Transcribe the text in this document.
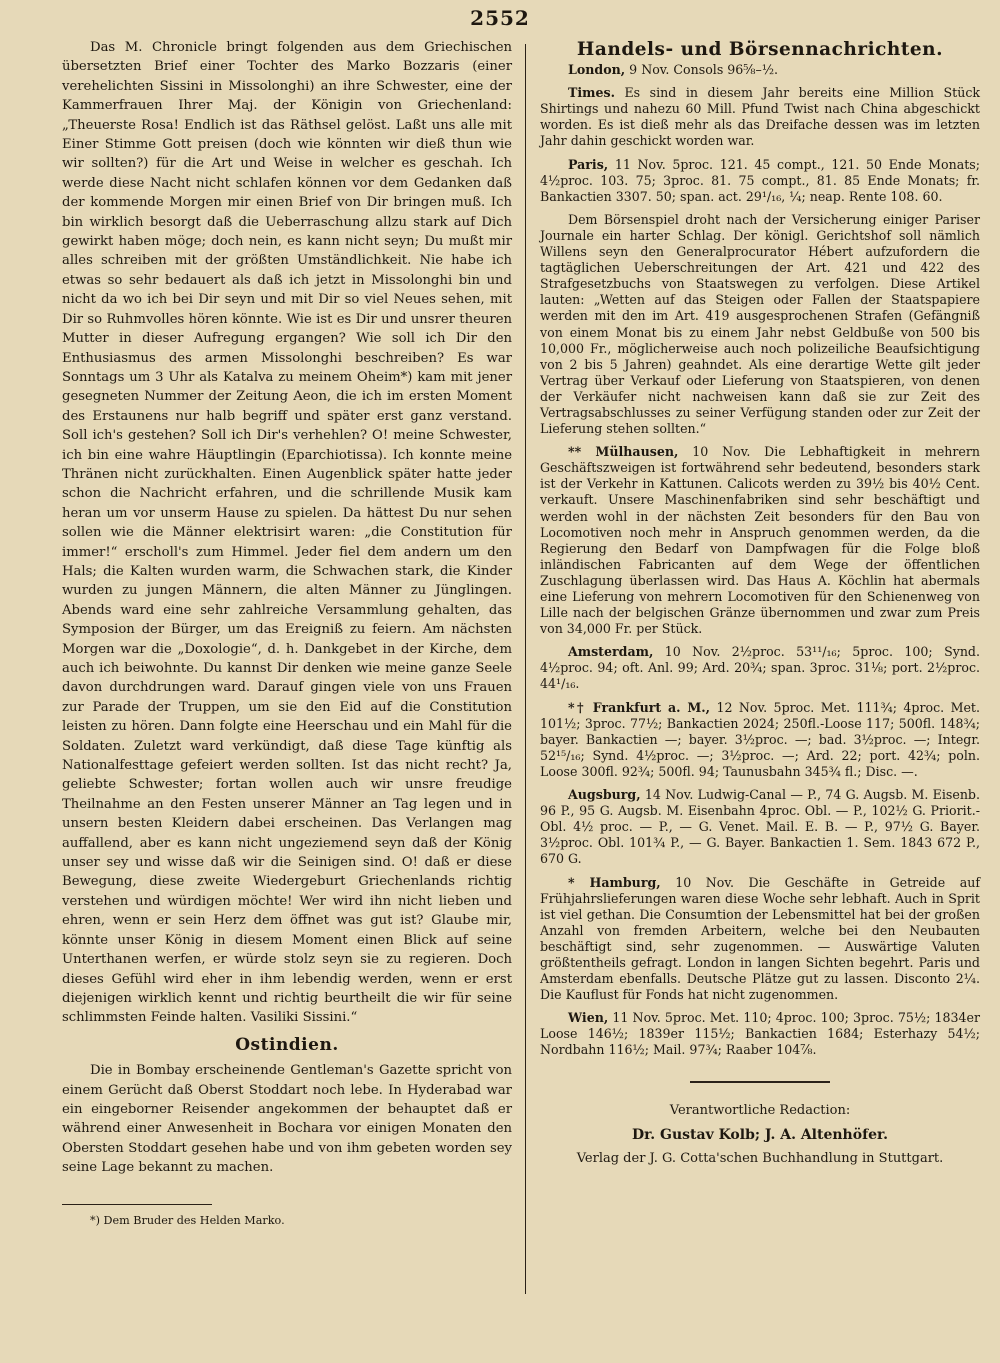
2552

Das M. Chronicle bringt folgenden aus dem Griechischen übersetzten Brief einer Tochter des Marko Bozzaris (einer verehelichten Sissini in Missolonghi) an ihre Schwester, eine der Kammerfrauen Ihrer Maj. der Königin von Griechenland: „Theuerste Rosa! Endlich ist das Räthsel gelöst. Laßt uns alle mit Einer Stimme Gott preisen (doch wie könnten wir dieß thun wie wir sollten?) für die Art und Weise in welcher es geschah. Ich werde diese Nacht nicht schlafen können vor dem Gedanken daß der kommende Morgen mir einen Brief von Dir bringen muß. Ich bin wirklich besorgt daß die Ueberraschung allzu stark auf Dich gewirkt haben möge; doch nein, es kann nicht seyn; Du mußt mir alles schreiben mit der größten Umständlichkeit. Nie habe ich etwas so sehr bedauert als daß ich jetzt in Missolonghi bin und nicht da wo ich bei Dir seyn und mit Dir so viel Neues sehen, mit Dir so Ruhmvolles hören könnte. Wie ist es Dir und unsrer theuren Mutter in dieser Aufregung ergangen? Wie soll ich Dir den Enthusiasmus des armen Missolonghi beschreiben? Es war Sonntags um 3 Uhr als Katalva zu meinem Oheim*) kam mit jener gesegneten Nummer der Zeitung Aeon, die ich im ersten Moment des Erstaunens nur halb begriff und später erst ganz verstand. Soll ich's gestehen? Soll ich Dir's verhehlen? O! meine Schwester, ich bin eine wahre Häuptlingin (Eparchiotissa). Ich konnte meine Thränen nicht zurückhalten. Einen Augenblick später hatte jeder schon die Nachricht erfahren, und die schrillende Musik kam heran um vor unserm Hause zu spielen. Da hättest Du nur sehen sollen wie die Männer elektrisirt waren: „die Constitution für immer!“ erscholl's zum Himmel. Jeder fiel dem andern um den Hals; die Kalten wurden warm, die Schwachen stark, die Kinder wurden zu jungen Männern, die alten Männer zu Jünglingen. Abends ward eine sehr zahlreiche Versammlung gehalten, das Symposion der Bürger, um das Ereigniß zu feiern. Am nächsten Morgen war die „Doxologie“, d. h. Dankgebet in der Kirche, dem auch ich beiwohnte. Du kannst Dir denken wie meine ganze Seele davon durchdrungen ward. Darauf gingen viele von uns Frauen zur Parade der Truppen, um sie den Eid auf die Constitution leisten zu hören. Dann folgte eine Heerschau und ein Mahl für die Soldaten. Zuletzt ward verkündigt, daß diese Tage künftig als Nationalfesttage gefeiert werden sollten. Ist das nicht recht? Ja, geliebte Schwester; fortan wollen auch wir unsre freudige Theilnahme an den Festen unserer Männer an Tag legen und in unsern besten Kleidern dabei erscheinen. Das Verlangen mag auffallend, aber es kann nicht ungeziemend seyn daß der König unser sey und wisse daß wir die Seinigen sind. O! daß er diese Bewegung, diese zweite Wiedergeburt Griechenlands richtig verstehen und würdigen möchte! Wer wird ihn nicht lieben und ehren, wenn er sein Herz dem öffnet was gut ist? Glaube mir, könnte unser König in diesem Moment einen Blick auf seine Unterthanen werfen, er würde stolz seyn sie zu regieren. Doch dieses Gefühl wird eher in ihm lebendig werden, wenn er erst diejenigen wirklich kennt und richtig beurtheilt die wir für seine schlimmsten Feinde halten. Vasiliki Sissini.“

Ostindien.

Die in Bombay erscheinende Gentleman's Gazette spricht von einem Gerücht daß Oberst Stoddart noch lebe. In Hyderabad war ein eingeborner Reisender angekommen der behauptet daß er während einer Anwesenheit in Bochara vor einigen Monaten den Obersten Stoddart gesehen habe und von ihm gebeten worden sey seine Lage bekannt zu machen.

*) Dem Bruder des Helden Marko.

Handels- und Börsennachrichten.

London, 9 Nov. Consols 96⅝–½.

Times. Es sind in diesem Jahr bereits eine Million Stück Shirtings und nahezu 60 Mill. Pfund Twist nach China abgeschickt worden. Es ist dieß mehr als das Dreifache dessen was im letzten Jahr dahin geschickt worden war.

Paris, 11 Nov. 5proc. 121. 45 compt., 121. 50 Ende Monats; 4½proc. 103. 75; 3proc. 81. 75 compt., 81. 85 Ende Monats; fr. Bankactien 3307. 50; span. act. 29¹/₁₆, ¼; neap. Rente 108. 60.

Dem Börsenspiel droht nach der Versicherung einiger Pariser Journale ein harter Schlag. Der königl. Gerichtshof soll nämlich Willens seyn den Generalprocurator Hébert aufzufordern die tagtäglichen Ueberschreitungen der Art. 421 und 422 des Strafgesetzbuchs von Staatswegen zu verfolgen. Diese Artikel lauten: „Wetten auf das Steigen oder Fallen der Staatspapiere werden mit den im Art. 419 ausgesprochenen Strafen (Gefängniß von einem Monat bis zu einem Jahr nebst Geldbuße von 500 bis 10,000 Fr., möglicherweise auch noch polizeiliche Beaufsichtigung von 2 bis 5 Jahren) geahndet. Als eine derartige Wette gilt jeder Vertrag über Verkauf oder Lieferung von Staatspieren, von denen der Verkäufer nicht nachweisen kann daß sie zur Zeit des Vertragsabschlusses zu seiner Verfügung standen oder zur Zeit der Lieferung stehen sollten.“

** Mülhausen, 10 Nov. Die Lebhaftigkeit in mehrern Geschäftszweigen ist fortwährend sehr bedeutend, besonders stark ist der Verkehr in Kattunen. Calicots werden zu 39½ bis 40½ Cent. verkauft. Unsere Maschinenfabriken sind sehr beschäftigt und werden wohl in der nächsten Zeit besonders für den Bau von Locomotiven noch mehr in Anspruch genommen werden, da die Regierung den Bedarf von Dampfwagen für die Folge bloß inländischen Fabricanten auf dem Wege der öffentlichen Zuschlagung überlassen wird. Das Haus A. Köchlin hat abermals eine Lieferung von mehrern Locomotiven für den Schienenweg von Lille nach der belgischen Gränze übernommen und zwar zum Preis von 34,000 Fr. per Stück.

Amsterdam, 10 Nov. 2½proc. 53¹¹/₁₆; 5proc. 100; Synd. 4½proc. 94; oft. Anl. 99; Ard. 20¾; span. 3proc. 31⅛; port. 2½proc. 44¹/₁₆.

*† Frankfurt a. M., 12 Nov. 5proc. Met. 111¾; 4proc. Met. 101½; 3proc. 77½; Bankactien 2024; 250fl.-Loose 117; 500fl. 148¾; bayer. Bankactien —; bayer. 3½proc. —; bad. 3½proc. —; Integr. 52¹⁵/₁₆; Synd. 4½proc. —; 3½proc. —; Ard. 22; port. 42¾; poln. Loose 300fl. 92¾; 500fl. 94; Taunusbahn 345¾ fl.; Disc. —.

Augsburg, 14 Nov. Ludwig-Canal — P., 74 G. Augsb. M. Eisenb. 96 P., 95 G. Augsb. M. Eisenbahn 4proc. Obl. — P., 102½ G. Priorit.-Obl. 4½ proc. — P., — G. Venet. Mail. E. B. — P., 97½ G. Bayer. 3½proc. Obl. 101¾ P., — G. Bayer. Bankactien 1. Sem. 1843 672 P., 670 G.

* Hamburg, 10 Nov. Die Geschäfte in Getreide auf Frühjahrslieferungen waren diese Woche sehr lebhaft. Auch in Sprit ist viel gethan. Die Consumtion der Lebensmittel hat bei der großen Anzahl von fremden Arbeitern, welche bei den Neubauten beschäftigt sind, sehr zugenommen. — Auswärtige Valuten größtentheils gefragt. London in langen Sichten begehrt. Paris und Amsterdam ebenfalls. Deutsche Plätze gut zu lassen. Disconto 2¼. Die Kauflust für Fonds hat nicht zugenommen.

Wien, 11 Nov. 5proc. Met. 110; 4proc. 100; 3proc. 75½; 1834er Loose 146½; 1839er 115½; Bankactien 1684; Esterhazy 54½; Nordbahn 116½; Mail. 97¾; Raaber 104⅞.

Verantwortliche Redaction:
Dr. Gustav Kolb; J. A. Altenhöfer.
Verlag der J. G. Cotta'schen Buchhandlung in Stuttgart.
